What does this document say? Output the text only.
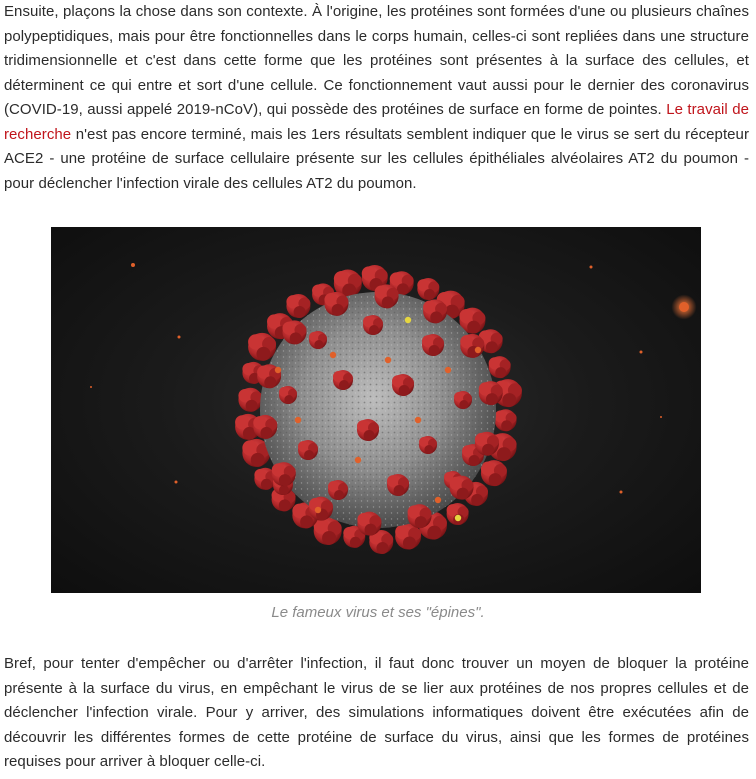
Ensuite, plaçons la chose dans son contexte. À l'origine, les protéines sont formées d'une ou plusieurs chaînes polypeptidiques, mais pour être fonctionnelles dans le corps humain, celles-ci sont repliées dans une structure tridimensionnelle et c'est dans cette forme que les protéines sont présentes à la surface des cellules, et déterminent ce qui entre et sort d'une cellule. Ce fonctionnement vaut aussi pour le dernier des coronavirus (COVID-19, aussi appelé 2019-nCoV), qui possède des protéines de surface en forme de pointes. Le travail de recherche n'est pas encore terminé, mais les 1ers résultats semblent indiquer que le virus se sert du récepteur ACE2 - une protéine de surface cellulaire présente sur les cellules épithéliales alvéolaires AT2 du poumon - pour déclencher l'infection virale des cellules AT2 du poumon.

Le fameux virus et ses "épines".

Bref, pour tenter d'empêcher ou d'arrêter l'infection, il faut donc trouver un moyen de bloquer la protéine présente à la surface du virus, en empêchant le virus de se lier aux protéines de nos propres cellules et de déclencher l'infection virale. Pour y arriver, des simulations informatiques doivent être exécutées afin de découvrir les différentes formes de cette protéine de surface du virus, ainsi que les formes de protéines requises pour arriver à bloquer celle-ci.
